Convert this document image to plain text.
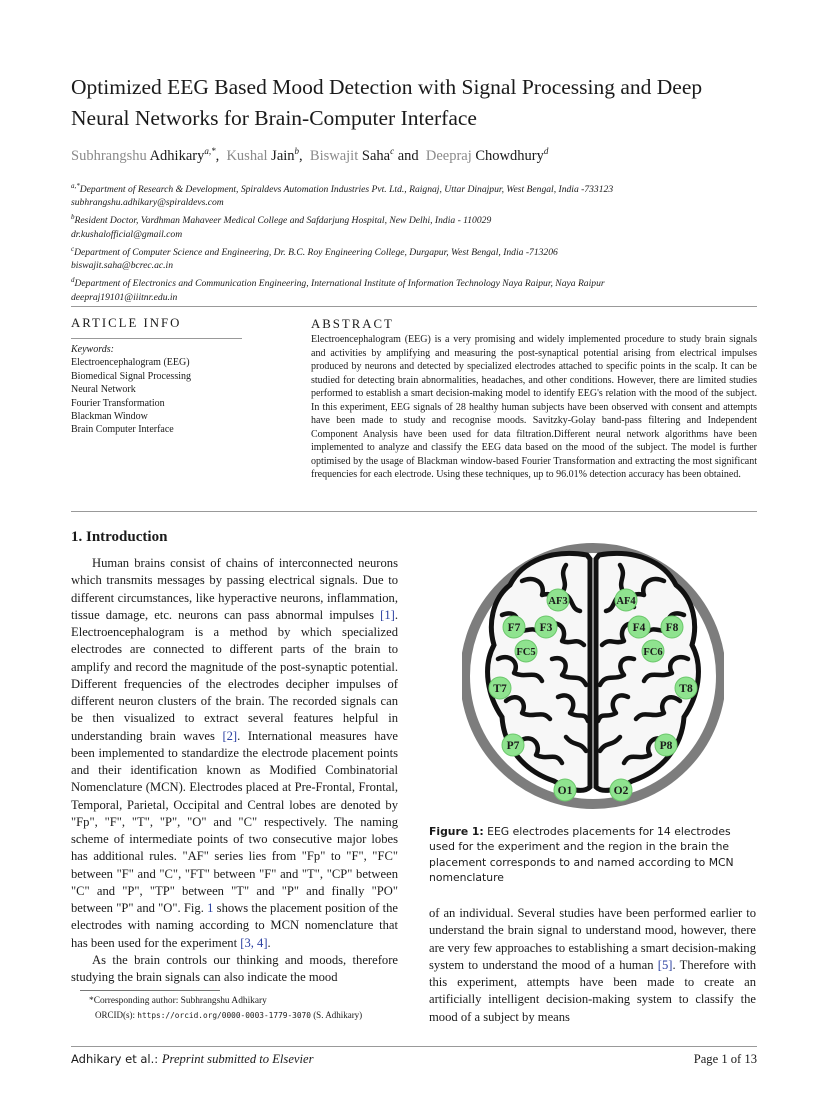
Optimized EEG Based Mood Detection with Signal Processing and Deep Neural Networks for Brain-Computer Interface
Subhrangshu Adhikary$^{a,*}$,  Kushal Jain$^b$,  Biswajit Saha$^c$ and  Deepraj Chowdhury$^d$
$^{a,*}$Department of Research & Development, Spiraldevs Automation Industries Pvt. Ltd., Raignaj, Uttar Dinajpur, West Bengal, India -733123
subhrangshu.adhikary@spiraldevs.com
$^b$Resident Doctor, Vardhman Mahaveer Medical College and Safdarjung Hospital, New Delhi, India - 110029
dr.kushalofficial@gmail.com
$^c$Department of Computer Science and Engineering, Dr. B.C. Roy Engineering College, Durgapur, West Bengal, India -713206
biswajit.saha@bcrec.ac.in
$^d$Department of Electronics and Communication Engineering, International Institute of Information Technology Naya Raipur, Naya Raipur
deepraj19101@iiitnr.edu.in
ARTICLE INFO
Keywords:
Electroencephalogram (EEG)
Biomedical Signal Processing
Neural Network
Fourier Transformation
Blackman Window
Brain Computer Interface
ABSTRACT
Electroencephalogram (EEG) is a very promising and widely implemented procedure to study brain signals and activities by amplifying and measuring the post-synaptical potential arising from electrical impulses produced by neurons and detected by specialized electrodes attached to specific points in the scalp. It can be studied for detecting brain abnormalities, headaches, and other conditions. However, there are limited studies performed to establish a smart decision-making model to identify EEG's relation with the mood of the subject. In this experiment, EEG signals of 28 healthy human subjects have been observed with consent and attempts have been made to study and recognise moods. Savitzky-Golay band-pass filtering and Independent Component Analysis have been used for data filtration.Different neural network algorithms have been implemented to analyze and classify the EEG data based on the mood of the subject. The model is further optimised by the usage of Blackman window-based Fourier Transformation and extracting the most significant frequencies for each electrode. Using these techniques, up to 96.01% detection accuracy has been obtained.
1. Introduction

Human brains consist of chains of interconnected neurons which transmits messages by passing electrical signals. Due to different circumstances, like hyperactive neurons, inflammation, tissue damage, etc. neurons can pass abnormal impulses [1]. Electroencephalogram is a method by which specialized electrodes are connected to different parts of the brain to amplify and record the magnitude of the post-synaptic potential. Different frequencies of the electrodes decipher impulses of different neuron clusters of the brain. The recorded signals can be then visualized to extract several features helpful in understanding brain waves [2]. International measures have been implemented to standardize the electrode placement points and their identification known as Modified Combinatorial Nomenclature (MCN). Electrodes placed at Pre-Frontal, Frontal, Temporal, Parietal, Occipital and Central lobes are denoted by "Fp", "F", "T", "P", "O" and "C" respectively. The naming scheme of intermediate points of two consecutive major lobes has additional rules. "AF" series lies from "Fp" to "F", "FC" between "F" and "C", "FT" between "F" and "T", "CP" between "C" and "P", "TP" between "T" and "P" and finally "PO" between "P" and "O". Fig. 1 shows the placement position of the electrodes with naming according to MCN nomenclature that has been used for the experiment [3, 4].

As the brain controls our thinking and moods, therefore studying the brain signals can also indicate the mood

*Corresponding author: Subhrangshu Adhikary
ORCID(s): https://orcid.org/0000-0003-1779-3070 (S. Adhikary)
AF3	AF4
F7 F3	F4 F8
FC5	FC6
T7	T8
P7	P8
O1	O2
Figure 1: EEG electrodes placements for 14 electrodes used for the experiment and the region in the brain the placement corresponds to and named according to MCN nomenclature

of an individual. Several studies have been performed earlier to understand the brain signal to understand mood, however, there are very few approaches to establishing a smart decision-making system to understand the mood of a human [5]. Therefore with this experiment, attempts have been made to create an artificially intelligent decision-making system to classify the mood of a subject by means

Adhikary et al.: Preprint submitted to Elsevier	Page 1 of 13
